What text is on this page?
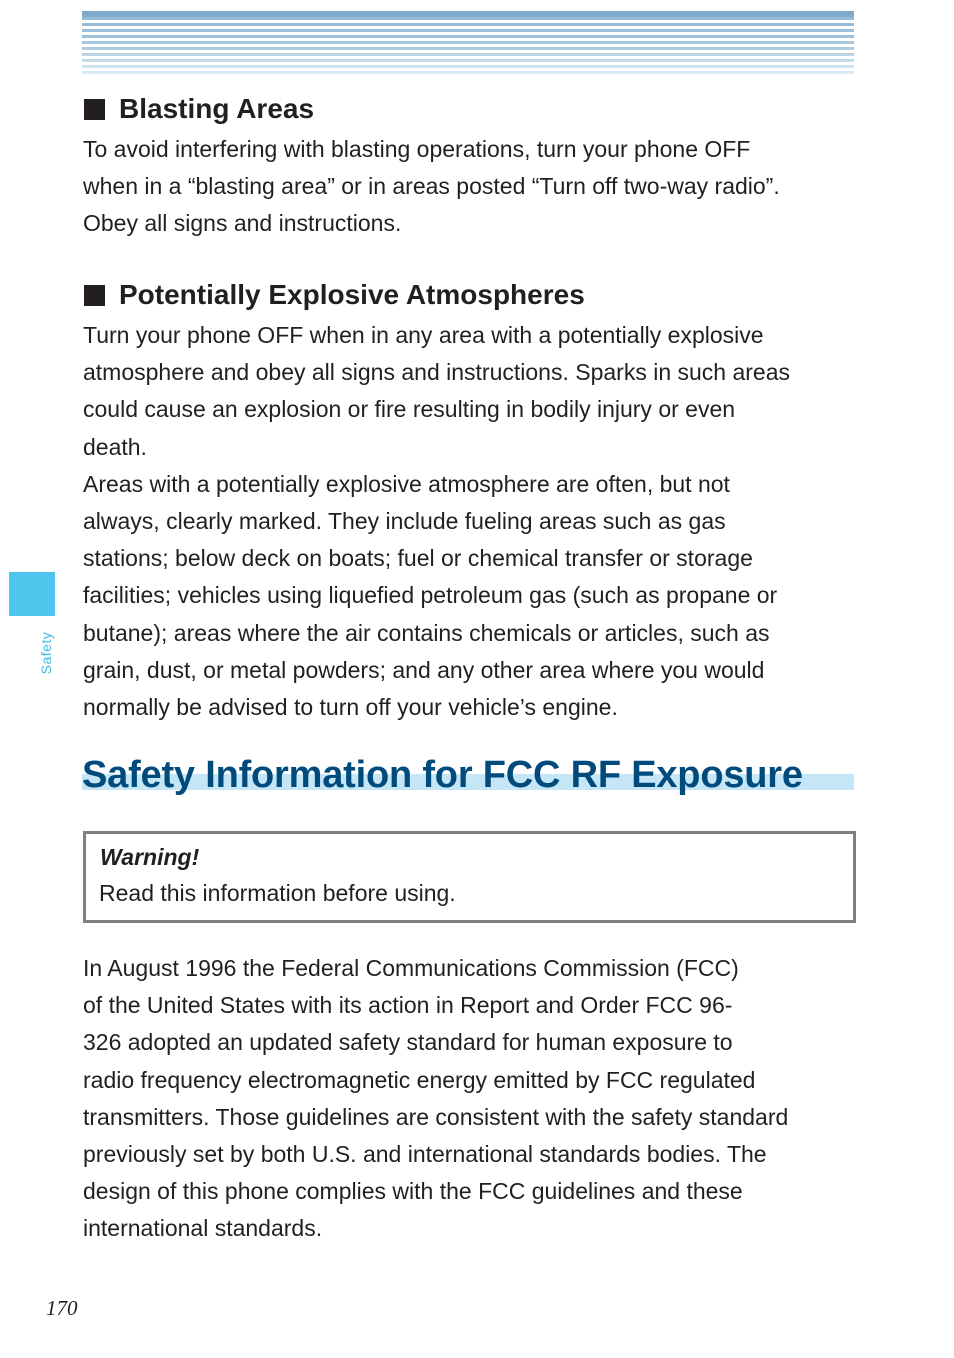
Safety
Blasting Areas

To avoid interfering with blasting operations, turn your phone OFF
when in a “blasting area” or in areas posted “Turn off two-way radio”.
Obey all signs and instructions.

Potentially Explosive Atmospheres

Turn your phone OFF when in any area with a potentially explosive
atmosphere and obey all signs and instructions. Sparks in such areas
could cause an explosion or fire resulting in bodily injury or even
death.

Areas with a potentially explosive atmosphere are often, but not
always, clearly marked. They include fueling areas such as gas
stations; below deck on boats; fuel or chemical transfer or storage
facilities; vehicles using liquefied petroleum gas (such as propane or
butane); areas where the air contains chemicals or articles, such as
grain, dust, or metal powders; and any other area where you would
normally be advised to turn off your vehicle’s engine.

Safety Information for FCC RF Exposure
Warning!
Read this information before using.

In August 1996 the Federal Communications Commission (FCC)
of the United States with its action in Report and Order FCC 96-
326 adopted an updated safety standard for human exposure to
radio frequency electromagnetic energy emitted by FCC regulated
transmitters. Those guidelines are consistent with the safety standard
previously set by both U.S. and international standards bodies. The
design of this phone complies with the FCC guidelines and these
international standards.

170
